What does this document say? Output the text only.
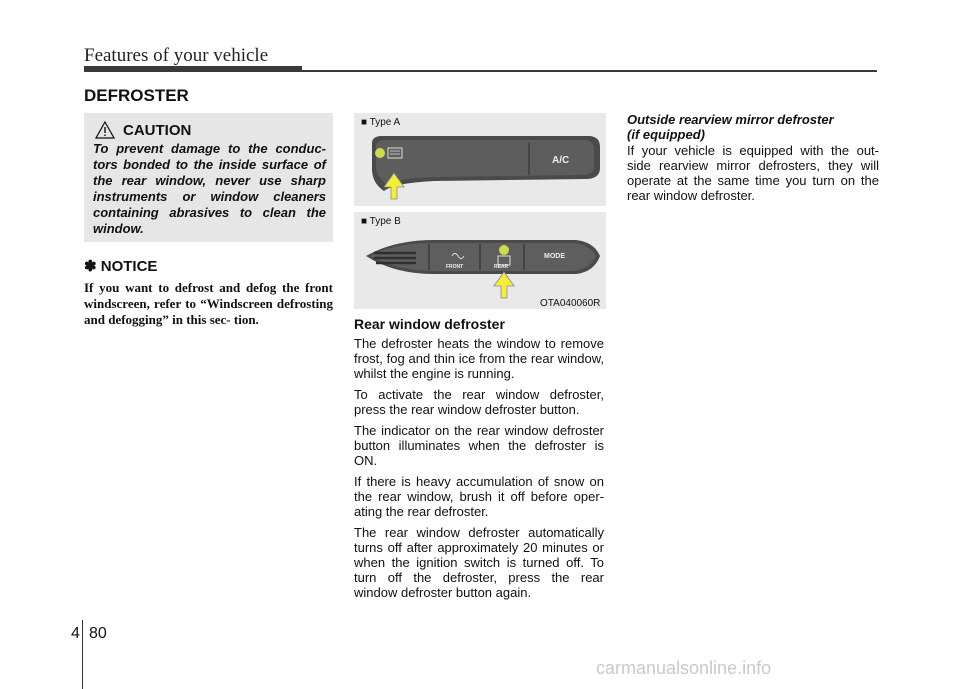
Features of your vehicle
DEFROSTER
CAUTION
To prevent damage to the conduc- tors bonded to the inside surface of the rear window, never use sharp instruments or window cleaners containing abrasives to clean the window.
✽ NOTICE
If you want to defrost and defog the front windscreen, refer to “Windscreen defrosting and defogging” in this sec- tion.
■ Type A
A/C
■ Type B
FRONT	REAR
MODE
OTA040060R
Rear window defroster

The defroster heats the window to remove frost, fog and thin ice from the rear window, whilst the engine is running.

To activate the rear window defroster, press the rear window defroster button.

The indicator on the rear window defroster button illuminates when the defroster is ON.

If there is heavy accumulation of snow on the rear window, brush it off before oper- ating the rear defroster.

The rear window defroster automatically turns off after approximately 20 minutes or when the ignition switch is turned off. To turn off the defroster, press the rear window defroster button again.

Outside rearview mirror defroster
(if equipped)
If your vehicle is equipped with the out- side rearview mirror defrosters, they will operate at the same time you turn on the rear window defroster.
4 80
carmanualsonline.info
